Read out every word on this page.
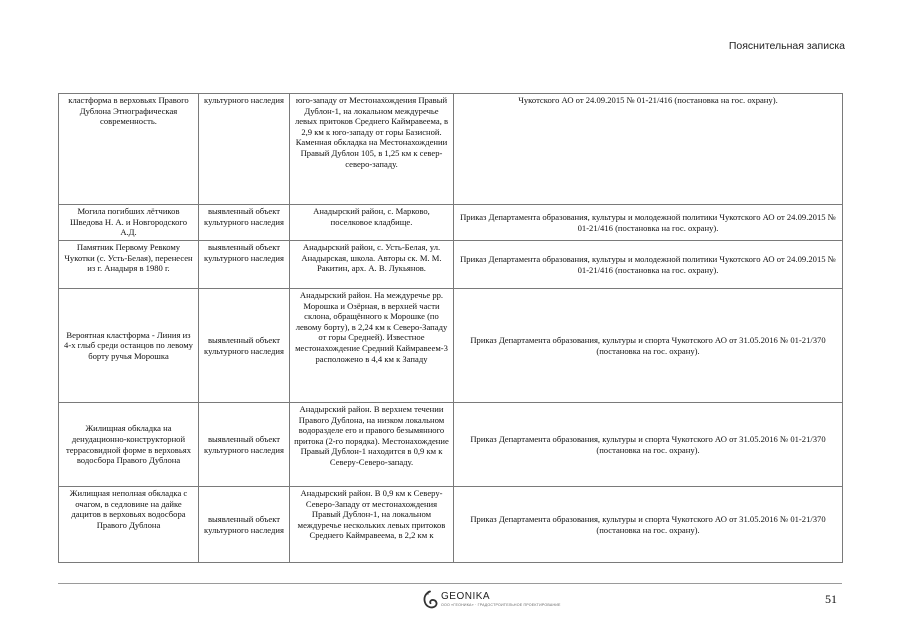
Пояснительная записка
кластформа в верховьях Правого Дублона Этнографическая современность.	культурного наследия	юго-западу от Местонахождения Правый Дублон-1, на локальном междуречье левых притоков Среднего Каймравеема, в 2,9 км к юго-западу от горы Базисной. Каменная обкладка на Местонахождении Правый Дублон 105, в 1,25 км к север-северо-западу.	Чукотского АО от 24.09.2015 № 01-21/416 (постановка на гос. охрану).
Могила погибших лётчиков Шведова Н. А. и Новгородского А.Д.	выявленный объект культурного наследия	Анадырский район, с. Марково, поселковое кладбище.	Приказ Департамента образования, культуры и молодежной политики Чукотского АО от 24.09.2015 № 01-21/416 (постановка на гос. охрану).
Памятник Первому Ревкому Чукотки (с. Усть-Белая), перенесен из г. Анадыря в 1980 г.	выявленный объект культурного наследия	Анадырский район, с. Усть-Белая, ул. Анадырская, школа. Авторы ск. М. М. Ракитин, арх. А. В. Лукьянов.	Приказ Департамента образования, культуры и молодежной политики Чукотского АО от 24.09.2015 № 01-21/416 (постановка на гос. охрану).
Вероятная кластформа - Линия из 4-х глыб среди останцов по левому борту ручья Морошка	выявленный объект культурного наследия	Анадырский район. На междуречье рр. Морошка и Озёрная, в верхней части склона, обращённого к Морошке (по левому борту), в 2,24 км к Северо-Западу от горы Средней). Известное местонахождение Средний Каймравеем-3 расположено в 4,4 км к Западу	Приказ Департамента образования, культуры и спорта Чукотского АО от 31.05.2016 № 01-21/370 (постановка на гос. охрану).
Жилищная обкладка на денудационно-конструкторной террасовидной форме в верховьях водосбора Правого Дублона	выявленный объект культурного наследия	Анадырский район. В верхнем течении Правого Дублона, на низком локальном водоразделе его и правого безымянного притока (2-го порядка). Местонахождение Правый Дублон-1 находится в 0,9 км к Северу-Северо-западу.	Приказ Департамента образования, культуры и спорта Чукотского АО от 31.05.2016 № 01-21/370 (постановка на гос. охрану).
Жилищная неполная обкладка с очагом, в седловине на дайке дацитов в верховьях водосбора Правого Дублона	выявленный объект культурного наследия	Анадырский район. В 0,9 км к Северу-Северо-Западу от местонахождения Правый Дублон-1, на локальном междуречье нескольких левых притоков Среднего Каймравеема, в 2,2 км к	Приказ Департамента образования, культуры и спорта Чукотского АО от 31.05.2016 № 01-21/370 (постановка на гос. охрану).
GEONIKA
ООО «ГЕОНИКА» · ГРАДОСТРОИТЕЛЬНОЕ ПРОЕКТИРОВАНИЕ	51
